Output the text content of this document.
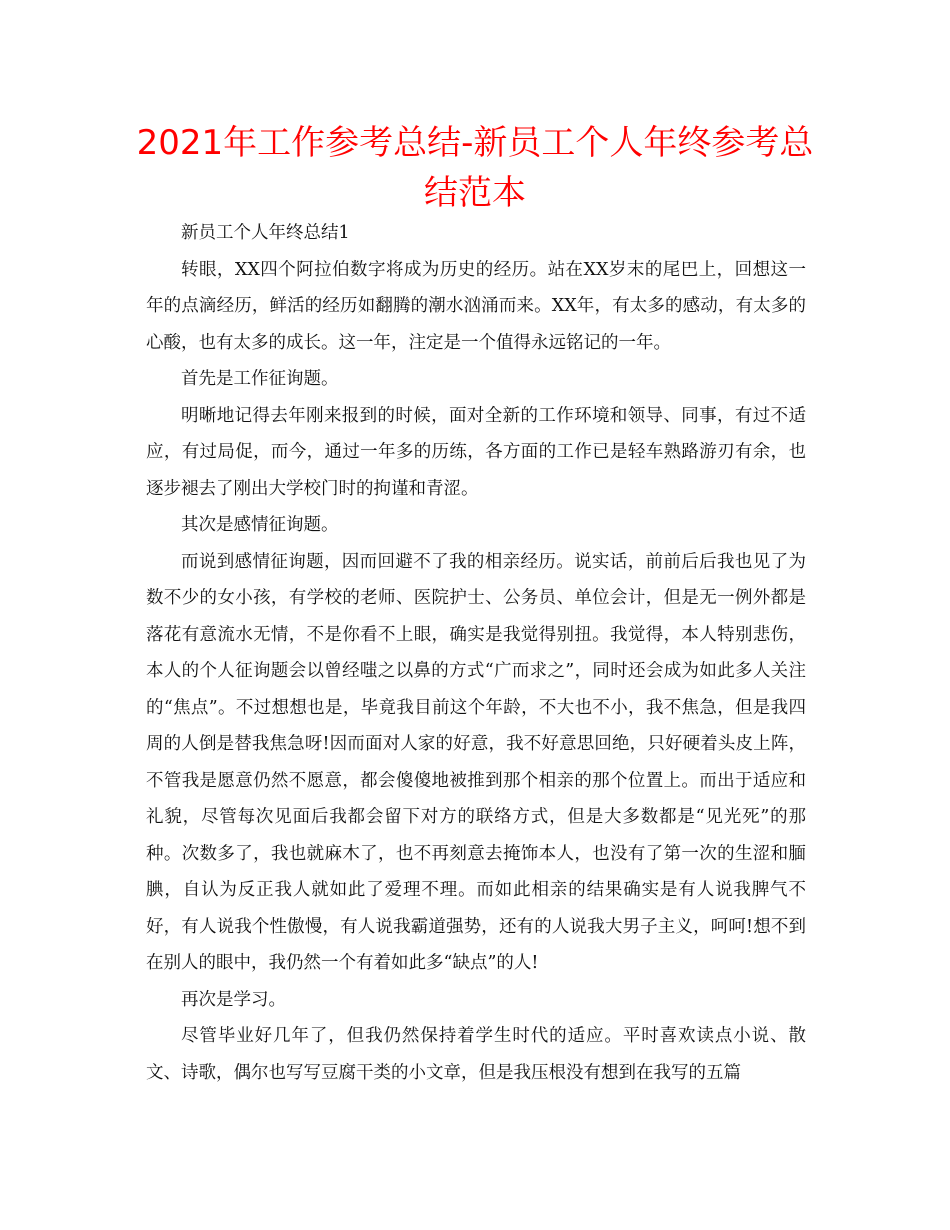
2021年工作参考总结-新员工个人年终参考总结范本

新员工个人年终总结1

转眼，XX四个阿拉伯数字将成为历史的经历。站在XX岁末的尾巴上，回想这一年的点滴经历，鲜活的经历如翻腾的潮水汹涌而来。XX年，有太多的感动，有太多的心酸，也有太多的成长。这一年，注定是一个值得永远铭记的一年。

首先是工作征询题。

明晰地记得去年刚来报到的时候，面对全新的工作环境和领导、同事，有过不适应，有过局促，而今，通过一年多的历练，各方面的工作已是轻车熟路游刃有余，也逐步褪去了刚出大学校门时的拘谨和青涩。

其次是感情征询题。

而说到感情征询题，因而回避不了我的相亲经历。说实话，前前后后我也见了为数不少的女小孩，有学校的老师、医院护士、公务员、单位会计，但是无一例外都是落花有意流水无情，不是你看不上眼，确实是我觉得别扭。我觉得，本人特别悲伤，本人的个人征询题会以曾经嗤之以鼻的方式“广而求之”，同时还会成为如此多人关注的“焦点”。不过想想也是，毕竟我目前这个年龄，不大也不小，我不焦急，但是我四周的人倒是替我焦急呀!因而面对人家的好意，我不好意思回绝，只好硬着头皮上阵，不管我是愿意仍然不愿意，都会傻傻地被推到那个相亲的那个位置上。而出于适应和礼貌，尽管每次见面后我都会留下对方的联络方式，但是大多数都是“见光死”的那种。次数多了，我也就麻木了，也不再刻意去掩饰本人，也没有了第一次的生涩和腼腆，自认为反正我人就如此了爱理不理。而如此相亲的结果确实是有人说我脾气不好，有人说我个性傲慢，有人说我霸道强势，还有的人说我大男子主义，呵呵!想不到在别人的眼中，我仍然一个有着如此多“缺点”的人!

再次是学习。

尽管毕业好几年了，但我仍然保持着学生时代的适应。平时喜欢读点小说、散文、诗歌，偶尔也写写豆腐干类的小文章，但是我压根没有想到在我写的五篇
